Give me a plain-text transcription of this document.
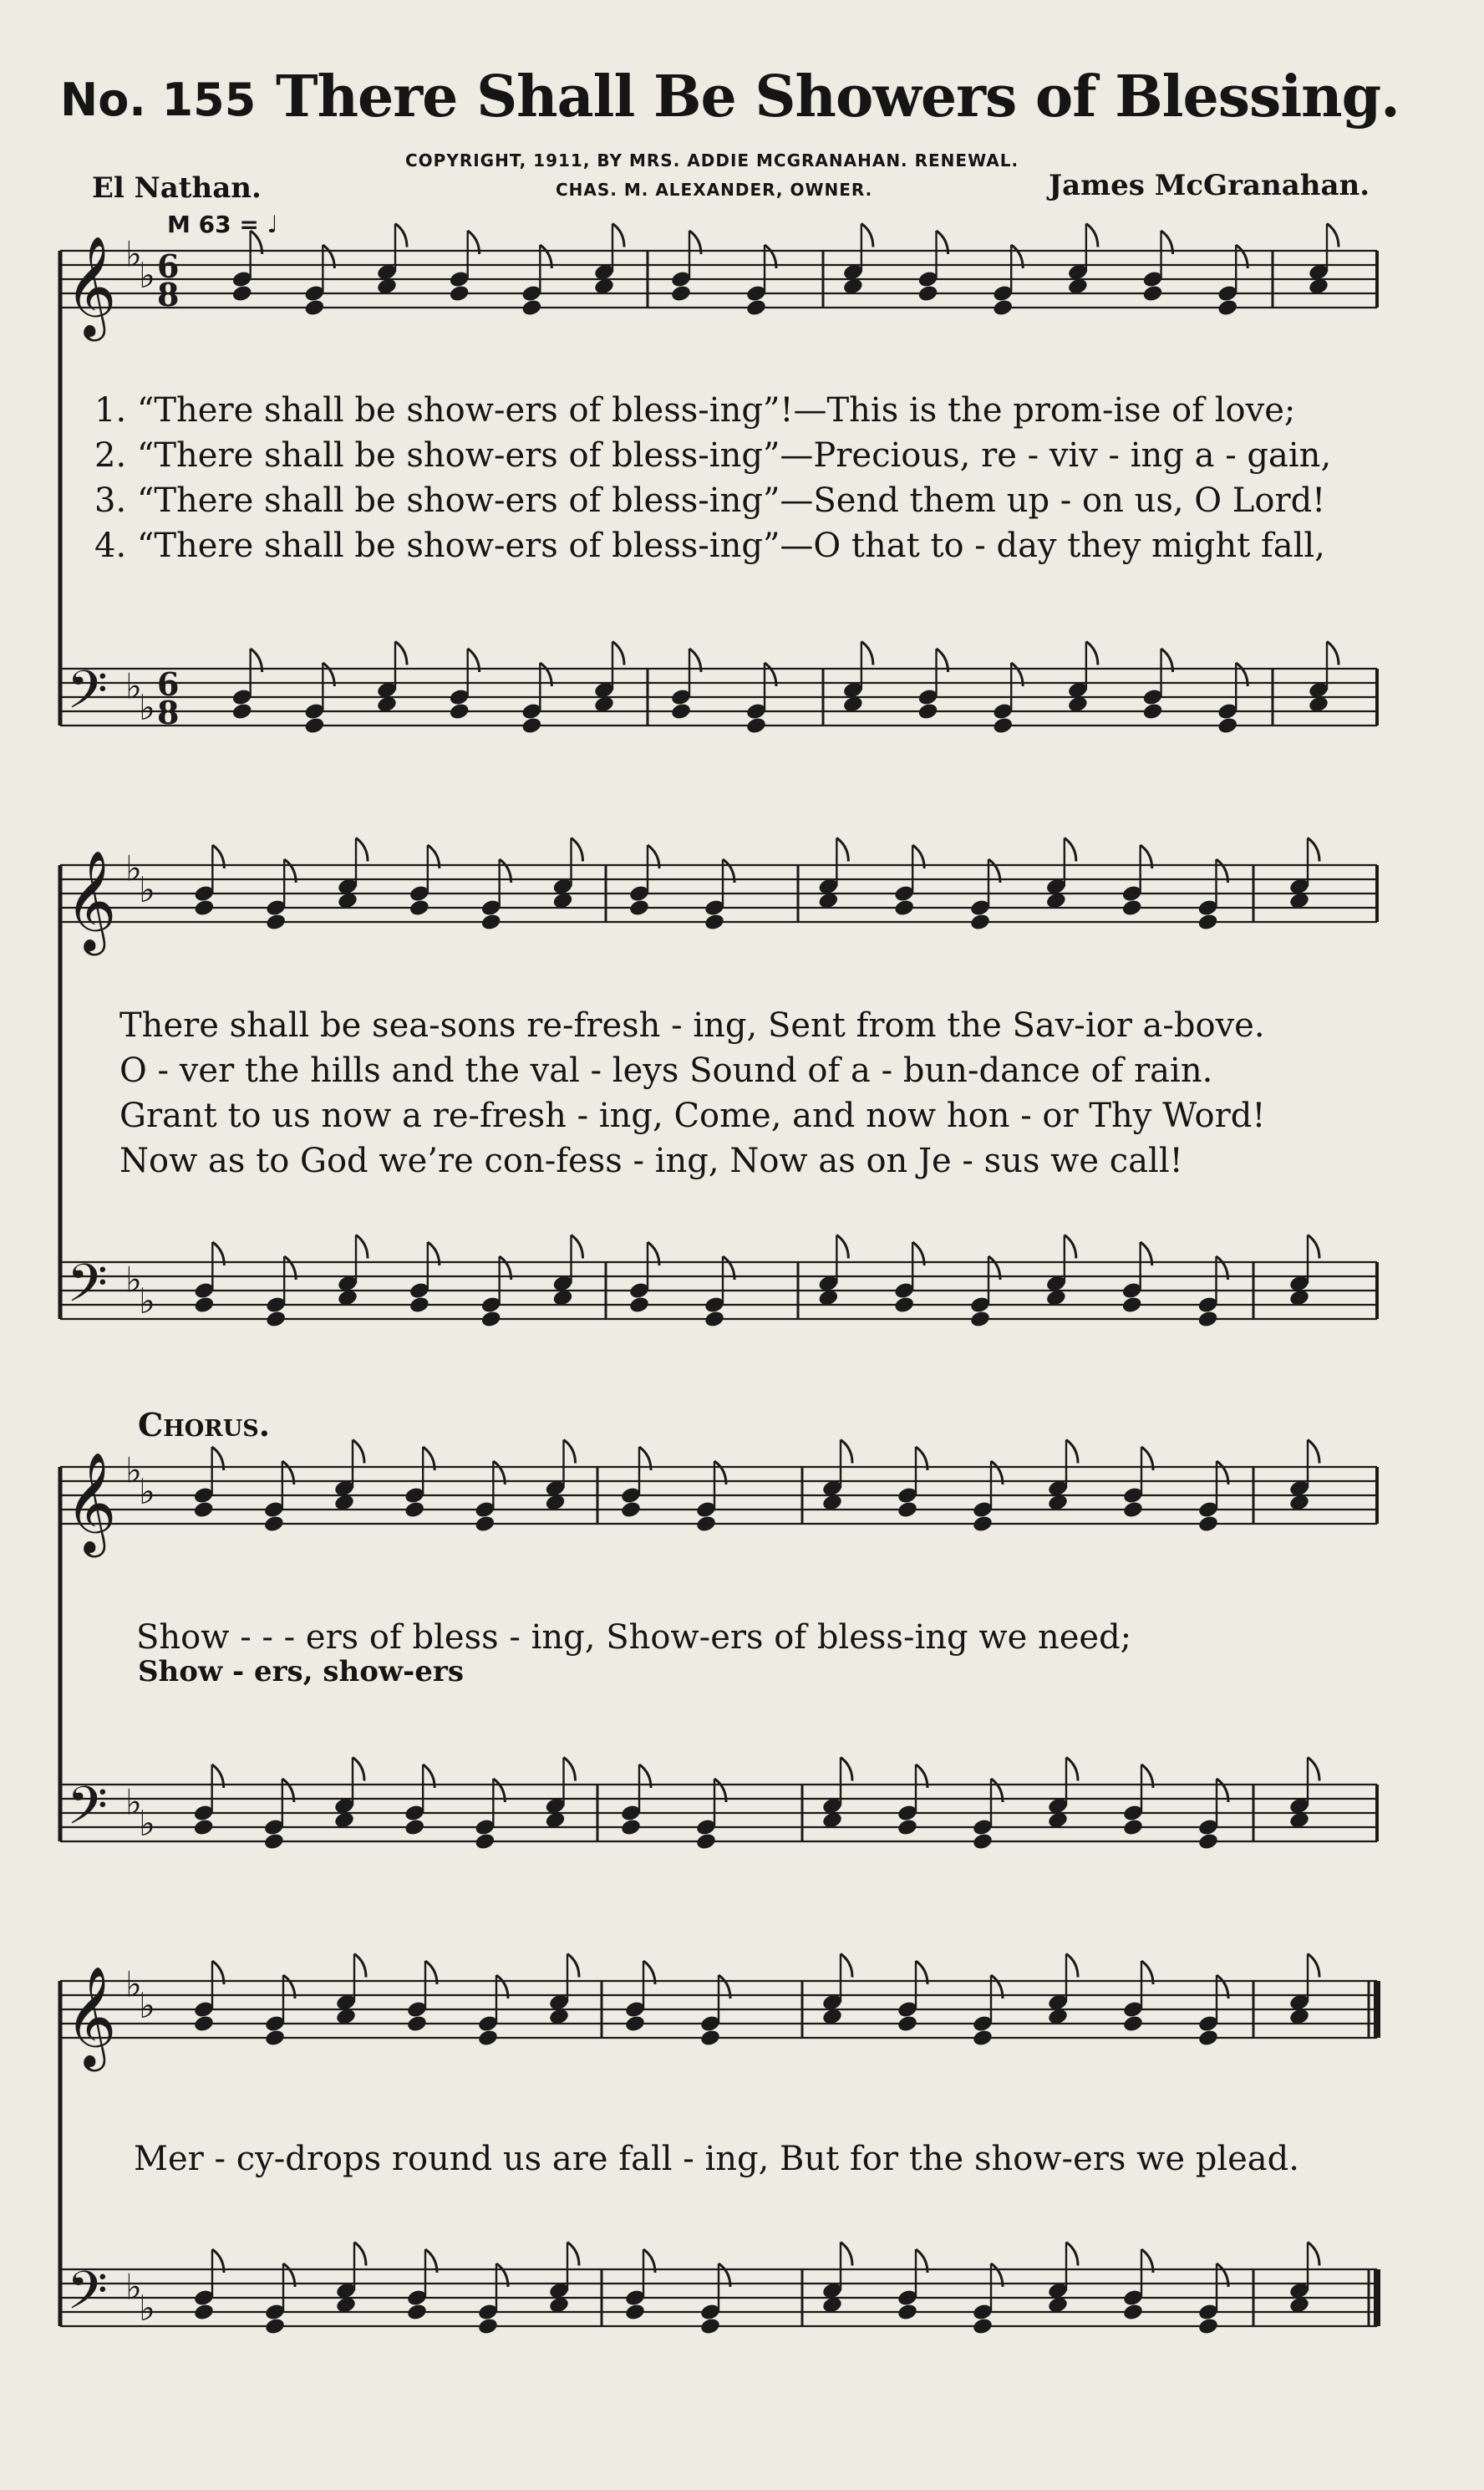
No. 155 There Shall Be Showers of Blessing.
COPYRIGHT, 1911, BY MRS. ADDIE MCGRANAHAN. RENEWAL.
CHAS. M. ALEXANDER, OWNER.
El Nathan.	James McGranahan.
M 63 = ♩
𝄞
𝄢
♭
♭
♭
♭
6
8
6
8
𝄞
𝄢
♭
♭
♭
♭
𝄞
𝄢
♭
♭
♭
♭
𝄞
𝄢
♭
♭
♭
♭
1. “There shall be show-ers of bless-ing”!—This is the prom-ise of love;
2. “There shall be show-ers of bless-ing”—Precious, re - viv - ing a - gain,
3. “There shall be show-ers of bless-ing”—Send them up - on us, O Lord!
4. “There shall be show-ers of bless-ing”—O that to - day they might fall,
There shall be sea-sons re-fresh - ing, Sent from the Sav-ior a-bove.
O - ver the hills and the val - leys Sound of a - bun-dance of rain.
Grant to us now a re-fresh - ing, Come, and now hon - or Thy Word!
Now as to God we’re con-fess - ing, Now as on Je - sus we call!
Chorus.
Show - - - ers of bless - ing, Show-ers of bless-ing we need;
Show - ers, show-ers
Mer - cy-drops round us are fall - ing, But for the show-ers we plead.
